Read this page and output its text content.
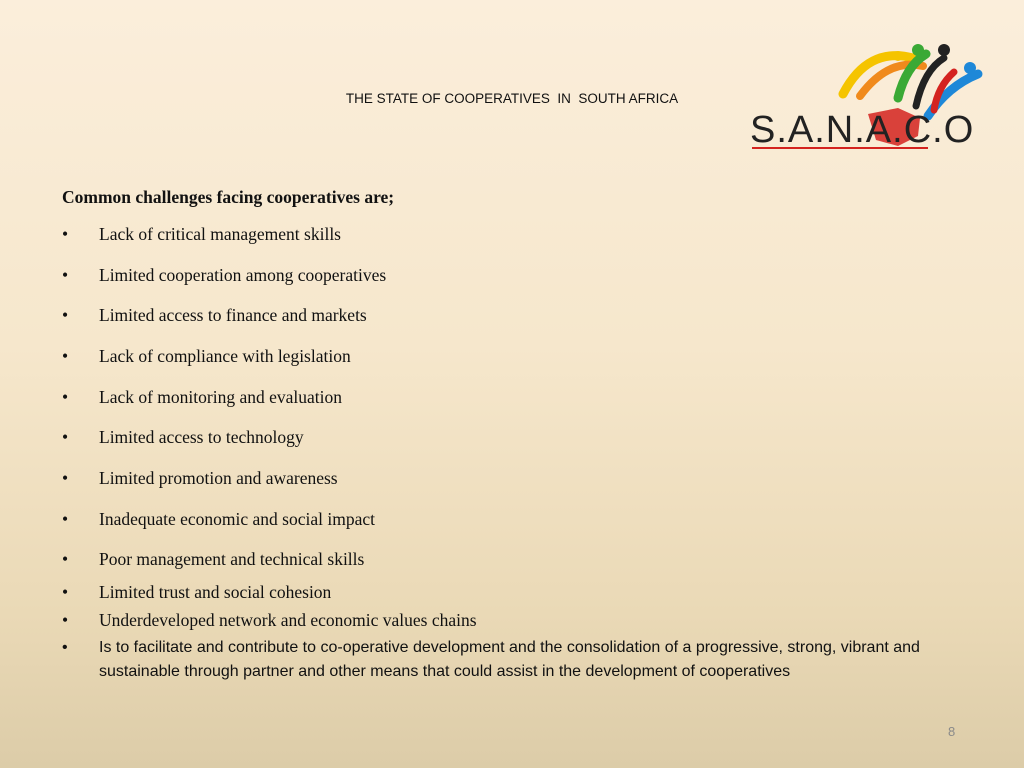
THE STATE OF COOPERATIVES  IN  SOUTH AFRICA
S.A.N.A.C.O
Common challenges facing cooperatives are;
•	Lack of critical management skills
•	Limited cooperation among cooperatives
•	Limited access to finance and markets
•	Lack of compliance with legislation
•	Lack of monitoring and evaluation
•	Limited access to technology
•	Limited promotion and awareness
•	Inadequate economic and social impact
•	Poor management and technical skills
•	Limited trust and social cohesion
•	Underdeveloped network and economic values chains
•	Is to facilitate and contribute to co-operative development and the consolidation of a progressive, strong, vibrant and sustainable through partner and other means that could assist in the development of cooperatives
8
